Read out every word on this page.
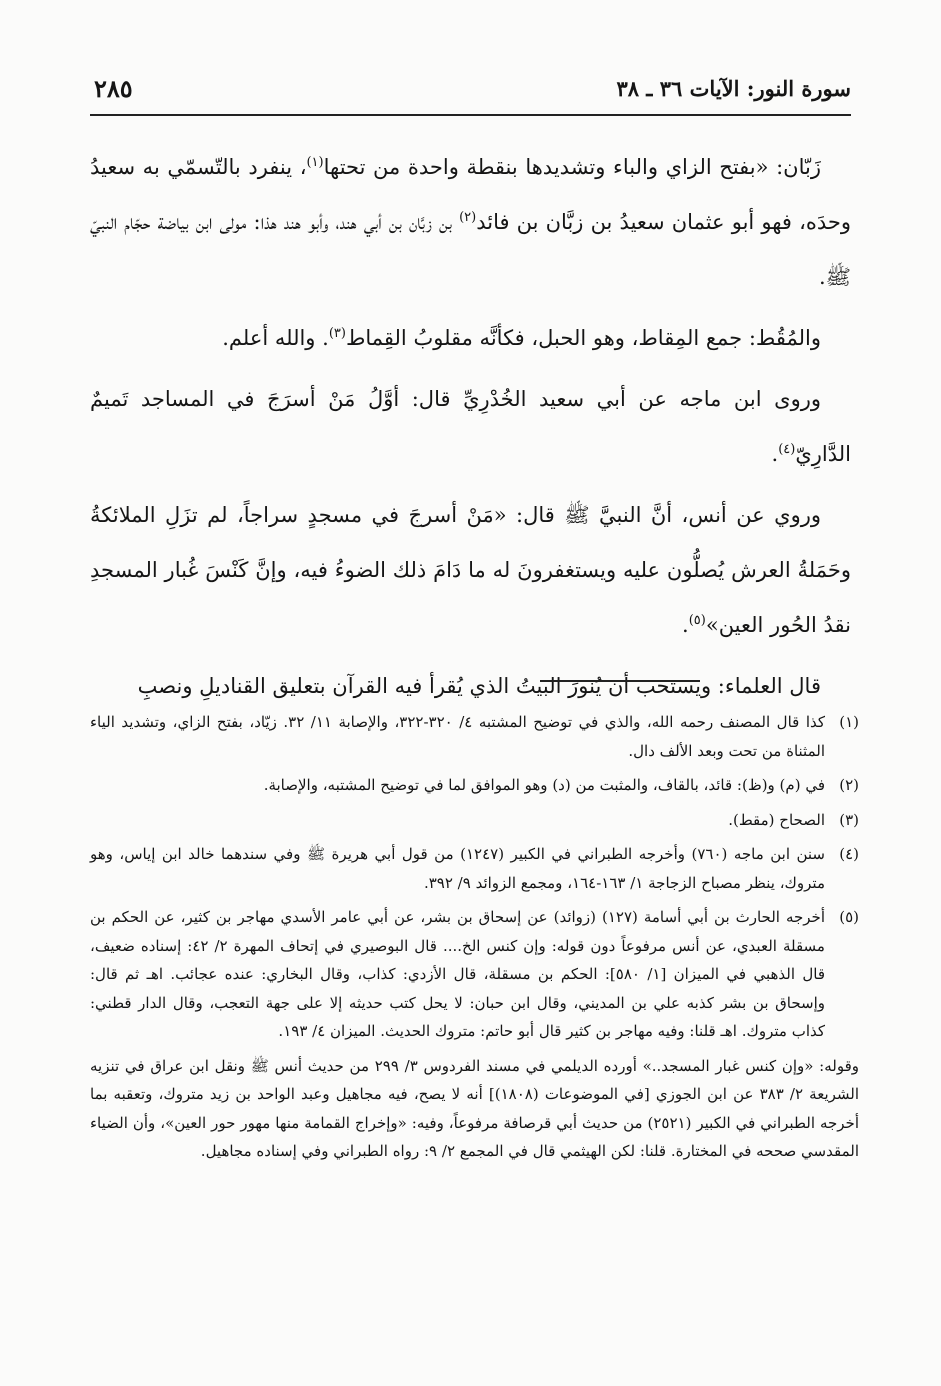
سورة النور: الآيات ٣٦ ـ ٣٨
٢٨٥

زَبّان: «بفتح الزاي والباء وتشديدها بنقطة واحدة من تحتها$^{(١)}$، ينفرد بالتّسمّي به سعيدُ وحدَه، فهو أبو عثمان سعيدُ بن زبَّان بن فائد$^{(٢)}$ بن زبَّان بن أبي هند، وأبو هند هذا: مولى ابن بياضة حجّام النبيّ ﷺ.

والمُقُط: جمع المِقاط، وهو الحبل، فكأنَّه مقلوبُ القِماط$^{(٣)}$. والله أعلم.

وروى ابن ماجه عن أبي سعيد الخُدْرِيِّ قال: أوَّلُ مَنْ أسرَجَ في المساجد تَميمٌ الدَّارِيّ$^{(٤)}$.

وروي عن أنس، أنَّ النبيَّ ﷺ قال: «مَنْ أسرجَ في مسجدٍ سراجاً، لم تزَلِ الملائكةُ وحَمَلةُ العرش يُصلُّون عليه ويستغفرونَ له ما دَامَ ذلك الضوءُ فيه، وإنَّ كَنْسَ غُبار المسجدِ نقدُ الحُور العين»$^{(٥)}$.

قال العلماء: ويستحب أن يُنورَ البيتُ الذي يُقرأ فيه القرآن بتعليق القناديلِ ونصبِ

(١)
كذا قال المصنف رحمه الله، والذي في توضيح المشتبه ٤/ ٣٢٠-٣٢٢، والإصابة ١١/ ٣٢. زيّاد، بفتح الزاي، وتشديد الياء المثناة من تحت وبعد الألف دال.
(٢)
في (م) و(ظ): قائد، بالقاف، والمثبت من (د) وهو الموافق لما في توضيح المشتبه، والإصابة.
(٣)
الصحاح (مقط).
(٤)
سنن ابن ماجه (٧٦٠) وأخرجه الطبراني في الكبير (١٢٤٧) من قول أبي هريرة ﷺ وفي سندهما خالد ابن إياس، وهو متروك، ينظر مصباح الزجاجة ١/ ١٦٣-١٦٤، ومجمع الزوائد ٩/ ٣٩٢.
(٥)
أخرجه الحارث بن أبي أسامة (١٢٧) (زوائد) عن إسحاق بن بشر، عن أبي عامر الأسدي مهاجر بن كثير، عن الحكم بن مسقلة العبدي، عن أنس مرفوعاً دون قوله: وإن كنس الخ.... قال البوصيري في إتحاف المهرة ٢/ ٤٢: إسناده ضعيف، قال الذهبي في الميزان [١/ ٥٨٠]: الحكم بن مسقلة، قال الأزدي: كذاب، وقال البخاري: عنده عجائب. اهـ ثم قال: وإسحاق بن بشر كذبه علي بن المديني، وقال ابن حبان: لا يحل كتب حديثه إلا على جهة التعجب، وقال الدار قطني: كذاب متروك. اهـ قلنا: وفيه مهاجر بن كثير قال أبو حاتم: متروك الحديث. الميزان ٤/ ١٩٣.

وقوله: «وإن كنس غبار المسجد..» أورده الديلمي في مسند الفردوس ٣/ ٢٩٩ من حديث أنس ﷺ ونقل ابن عراق في تنزيه الشريعة ٢/ ٣٨٣ عن ابن الجوزي [في الموضوعات (١٨٠٨)] أنه لا يصح، فيه مجاهيل وعبد الواحد بن زيد متروك، وتعقبه بما أخرجه الطبراني في الكبير (٢٥٢١) من حديث أبي قرصافة مرفوعاً، وفيه: «وإخراج القمامة منها مهور حور العين»، وأن الضياء المقدسي صححه في المختارة. قلنا: لكن الهيثمي قال في المجمع ٢/ ٩: رواه الطبراني وفي إسناده مجاهيل.
